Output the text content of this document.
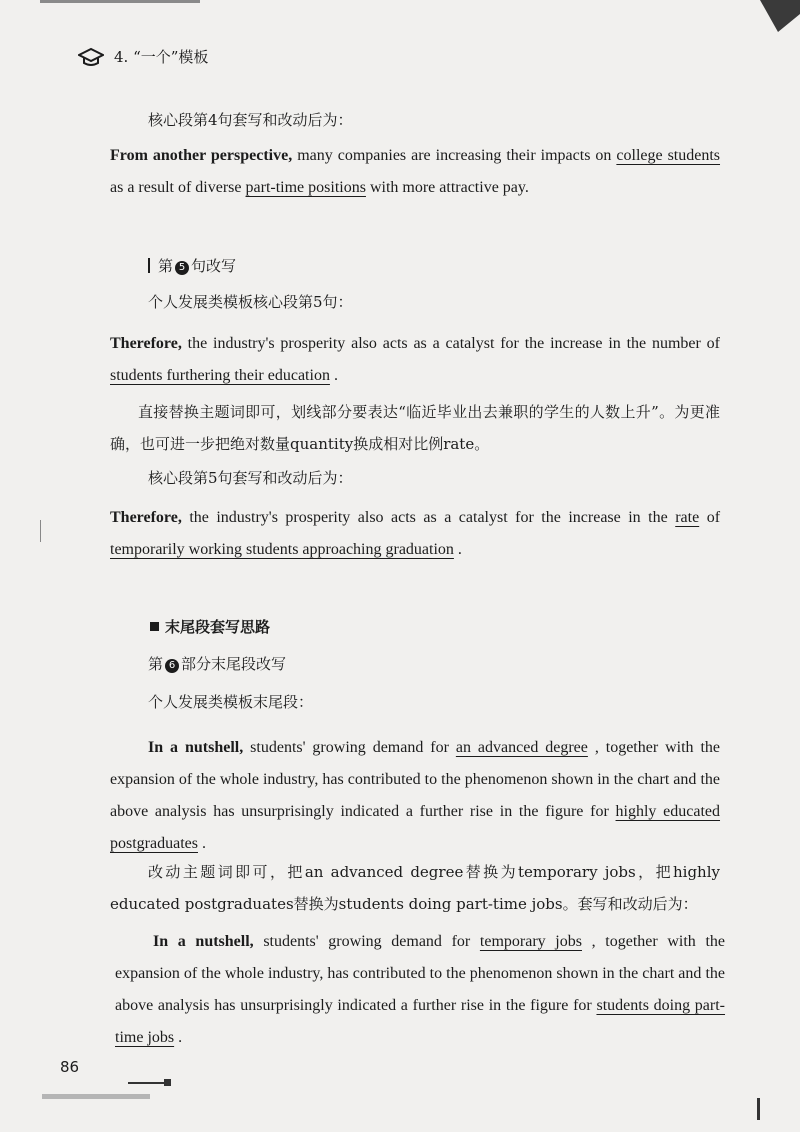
4. “一个”模板
核心段第4句套写和改动后为：
From another perspective, many companies are increasing their impacts on college students as a result of diverse part-time positions with more attractive pay.
第 5 句改写
个人发展类模板核心段第5句：
Therefore, the industry's prosperity also acts as a catalyst for the increase in the number of students furthering their education .
直接替换主题词即可，划线部分要表达“临近毕业出去兼职的学生的人数上升”。为更准确，也可进一步把绝对数量quantity换成相对比例rate。
核心段第5句套写和改动后为：
Therefore, the industry's prosperity also acts as a catalyst for the increase in the rate of temporarily working students approaching graduation .
末尾段套写思路
第 6 部分末尾段改写
个人发展类模板末尾段：
In a nutshell, students' growing demand for an advanced degree , together with the expansion of the whole industry, has contributed to the phenomenon shown in the chart and the above analysis has unsurprisingly indicated a further rise in the figure for highly educated postgraduates .
改动主题词即可，把an advanced degree替换为temporary jobs，把highly educated postgraduates替换为students doing part-time jobs。套写和改动后为：
In a nutshell, students' growing demand for temporary jobs , together with the expansion of the whole industry, has contributed to the phenomenon shown in the chart and the above analysis has unsurprisingly indicated a further rise in the figure for students doing part-time jobs .
86
